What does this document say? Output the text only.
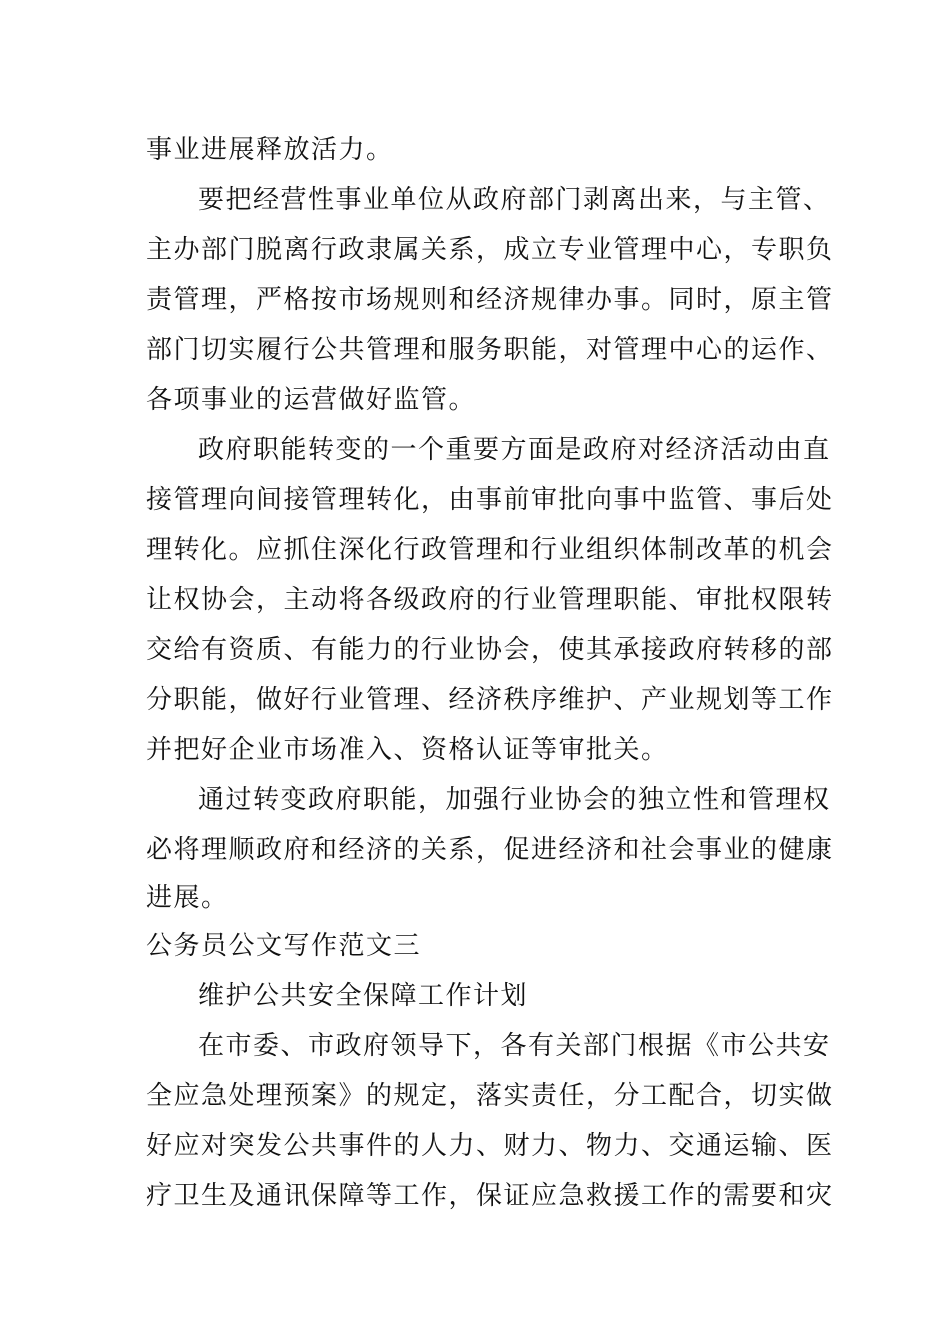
事业进展释放活力。
要把经营性事业单位从政府部门剥离出来，与主管、
主办部门脱离行政隶属关系，成立专业管理中心，专职负
责管理，严格按市场规则和经济规律办事。同时，原主管
部门切实履行公共管理和服务职能，对管理中心的运作、
各项事业的运营做好监管。
政府职能转变的一个重要方面是政府对经济活动由直
接管理向间接管理转化，由事前审批向事中监管、事后处
理转化。应抓住深化行政管理和行业组织体制改革的机会
让权协会，主动将各级政府的行业管理职能、审批权限转
交给有资质、有能力的行业协会，使其承接政府转移的部
分职能，做好行业管理、经济秩序维护、产业规划等工作
并把好企业市场准入、资格认证等审批关。
通过转变政府职能，加强行业协会的独立性和管理权
必将理顺政府和经济的关系，促进经济和社会事业的健康
进展。
公务员公文写作范文三
维护公共安全保障工作计划
在市委、市政府领导下，各有关部门根据《市公共安
全应急处理预案》的规定，落实责任，分工配合，切实做
好应对突发公共事件的人力、财力、物力、交通运输、医
疗卫生及通讯保障等工作，保证应急救援工作的需要和灾
